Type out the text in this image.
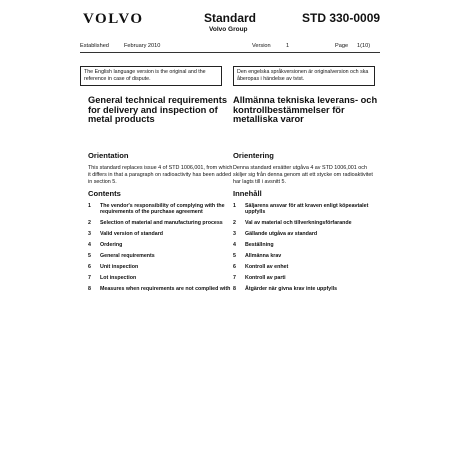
VOLVO	Standard
Volvo Group
STD 330-0009
Established	February 2010	Version	1	Page 1(10)
The English language version is the original and the reference in case of dispute.
Den engelska språkversionen är originalversion och ska åberopas i händelse av tvist.
General technical requirements for delivery and inspection of metal products
Allmänna tekniska leverans- och kontrollbestämmelser för metalliska varor
Orientation	Orientering
This standard replaces issue 4 of STD 1006,001, from which it differs in that a paragraph on radioactivity has been added in section 5.
Denna standard ersätter utgåva 4 av STD 1006,001 och skiljer sig från denna genom att ett stycke om radioaktivitet har lagts till i avsnitt 5.
Contents	Innehåll
1	The vendor's responsibility of complying with the requirements of the purchase agreement
2	Selection of material and manufacturing process
3	Valid version of standard
4	Ordering
5	General requirements
6	Unit inspection
7	Lot inspection
8	Measures when requirements are not complied with
1	Säljarens ansvar för att kraven enligt köpeavtalet uppfylls
2	Val av material och tillverkningsförfarande
3	Gällande utgåva av standard
4	Beställning
5	Allmänna krav
6	Kontroll av enhet
7	Kontroll av parti
8	Åtgärder när givna krav inte uppfylls
